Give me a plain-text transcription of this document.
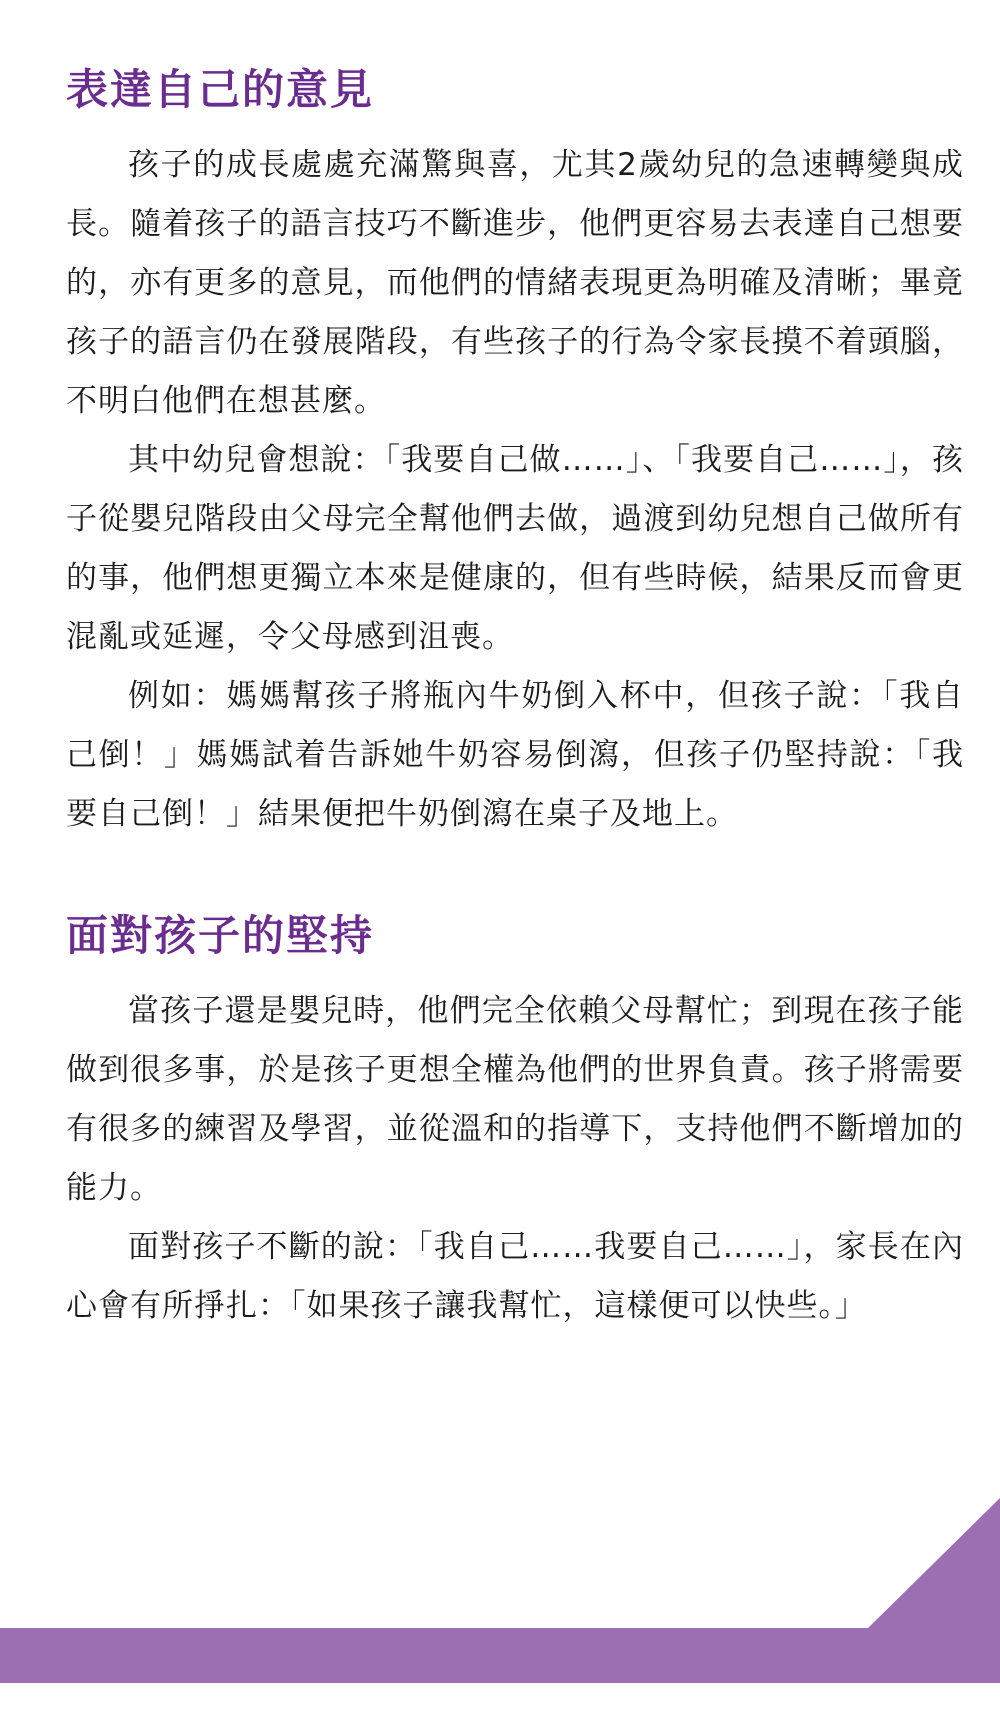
表達自己的意見

孩子的成長處處充滿驚與喜，尤其2歲幼兒的急速轉變與成長。隨着孩子的語言技巧不斷進步，他們更容易去表達自己想要的，亦有更多的意見，而他們的情緒表現更為明確及清晰；畢竟孩子的語言仍在發展階段，有些孩子的行為令家長摸不着頭腦，不明白他們在想甚麼。

其中幼兒會想說：「我要自己做……」、「我要自己……」，孩子從嬰兒階段由父母完全幫他們去做，過渡到幼兒想自己做所有的事，他們想更獨立本來是健康的，但有些時候，結果反而會更混亂或延遲，令父母感到沮喪。

例如：媽媽幫孩子將瓶內牛奶倒入杯中，但孩子說：「我自己倒！」媽媽試着告訴她牛奶容易倒瀉，但孩子仍堅持說：「我要自己倒！」結果便把牛奶倒瀉在桌子及地上。

面對孩子的堅持

當孩子還是嬰兒時，他們完全依賴父母幫忙；到現在孩子能做到很多事，於是孩子更想全權為他們的世界負責。孩子將需要有很多的練習及學習，並從溫和的指導下，支持他們不斷增加的能力。

面對孩子不斷的說：「我自己……我要自己……」，家長在內心會有所掙扎：「如果孩子讓我幫忙，這樣便可以快些。」
